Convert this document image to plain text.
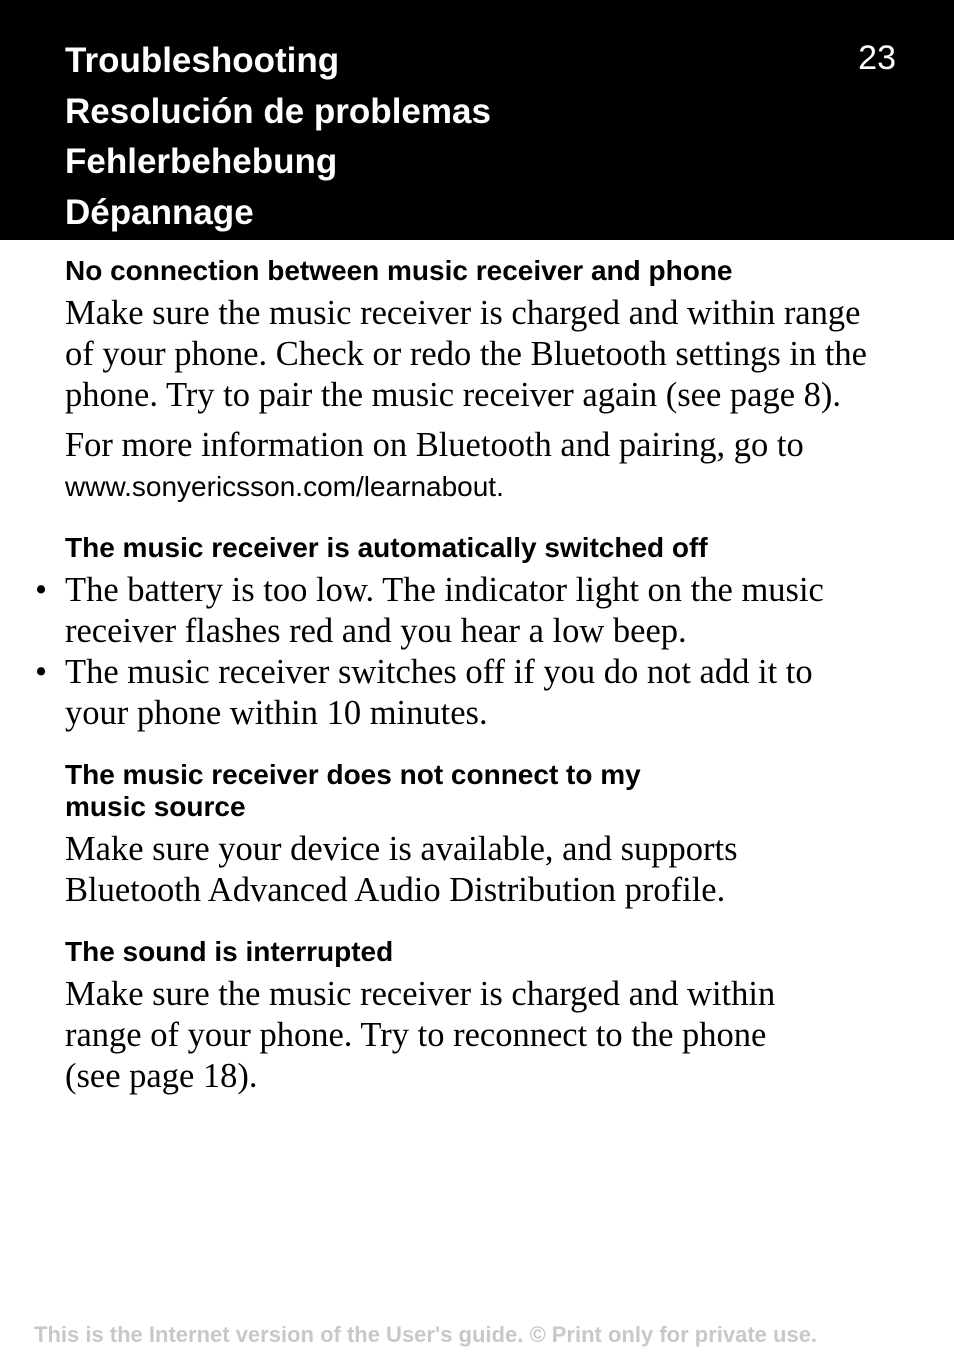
Troubleshooting
Resolución de problemas
Fehlerbehebung
Dépannage
23
No connection between music receiver and phone
Make sure the music receiver is charged and within range
of your phone. Check or redo the Bluetooth settings in the
phone. Try to pair the music receiver again (see page 8).
For more information on Bluetooth and pairing, go to
www.sonyericsson.com/learnabout.
The music receiver is automatically switched off
• The battery is too low. The indicator light on the music
receiver flashes red and you hear a low beep.
• The music receiver switches off if you do not add it to
your phone within 10 minutes.
The music receiver does not connect to my
music source
Make sure your device is available, and supports
Bluetooth Advanced Audio Distribution profile.
The sound is interrupted
Make sure the music receiver is charged and within
range of your phone. Try to reconnect to the phone
(see page 18).
This is the Internet version of the User's guide. © Print only for private use.
